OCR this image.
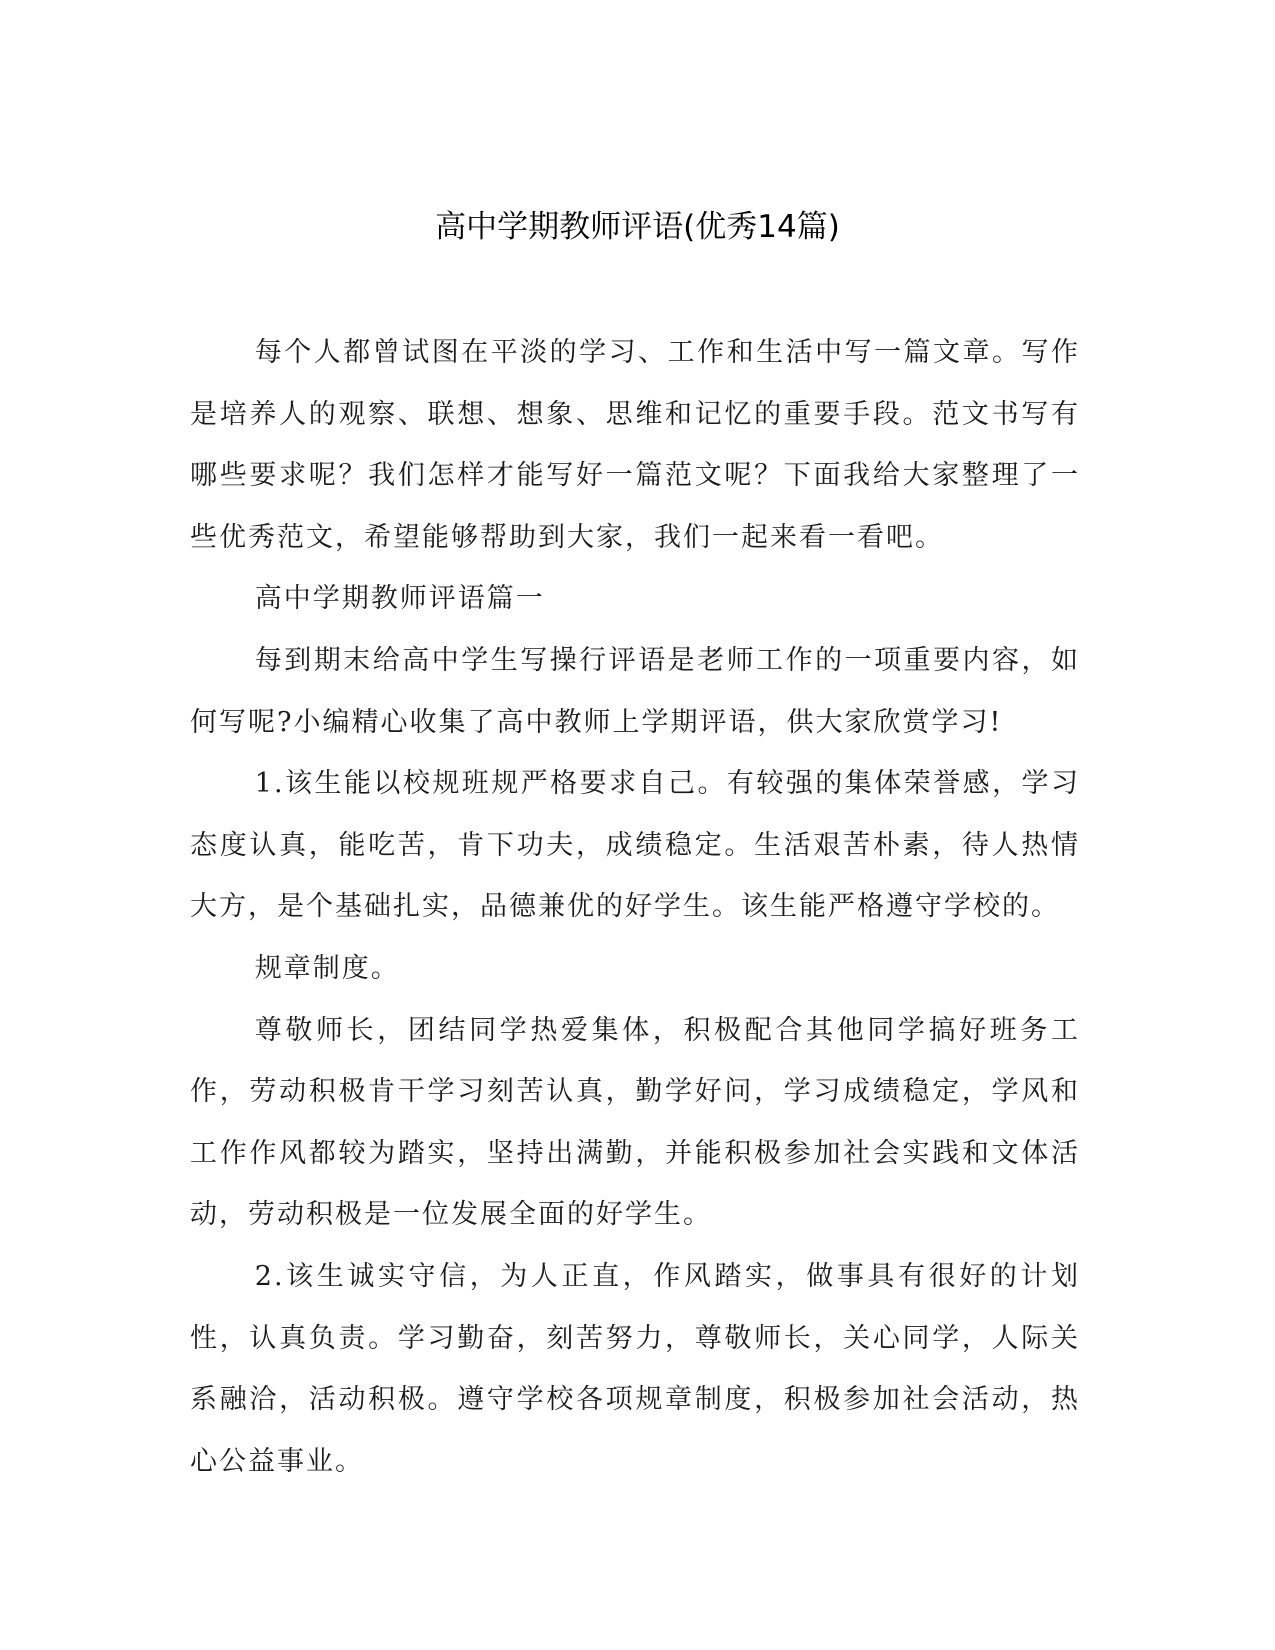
高中学期教师评语(优秀14篇)

每个人都曾试图在平淡的学习、工作和生活中写一篇文章。写作是培养人的观察、联想、想象、思维和记忆的重要手段。范文书写有哪些要求呢？我们怎样才能写好一篇范文呢？下面我给大家整理了一些优秀范文，希望能够帮助到大家，我们一起来看一看吧。

高中学期教师评语篇一

每到期末给高中学生写操行评语是老师工作的一项重要内容，如何写呢?小编精心收集了高中教师上学期评语，供大家欣赏学习!

1.该生能以校规班规严格要求自己。有较强的集体荣誉感，学习态度认真，能吃苦，肯下功夫，成绩稳定。生活艰苦朴素，待人热情大方，是个基础扎实，品德兼优的好学生。该生能严格遵守学校的。

规章制度。

尊敬师长，团结同学热爱集体，积极配合其他同学搞好班务工作，劳动积极肯干学习刻苦认真，勤学好问，学习成绩稳定，学风和工作作风都较为踏实，坚持出满勤，并能积极参加社会实践和文体活动，劳动积极是一位发展全面的好学生。

2.该生诚实守信，为人正直，作风踏实，做事具有很好的计划性，认真负责。学习勤奋，刻苦努力，尊敬师长，关心同学，人际关系融洽，活动积极。遵守学校各项规章制度，积极参加社会活动，热心公益事业。
